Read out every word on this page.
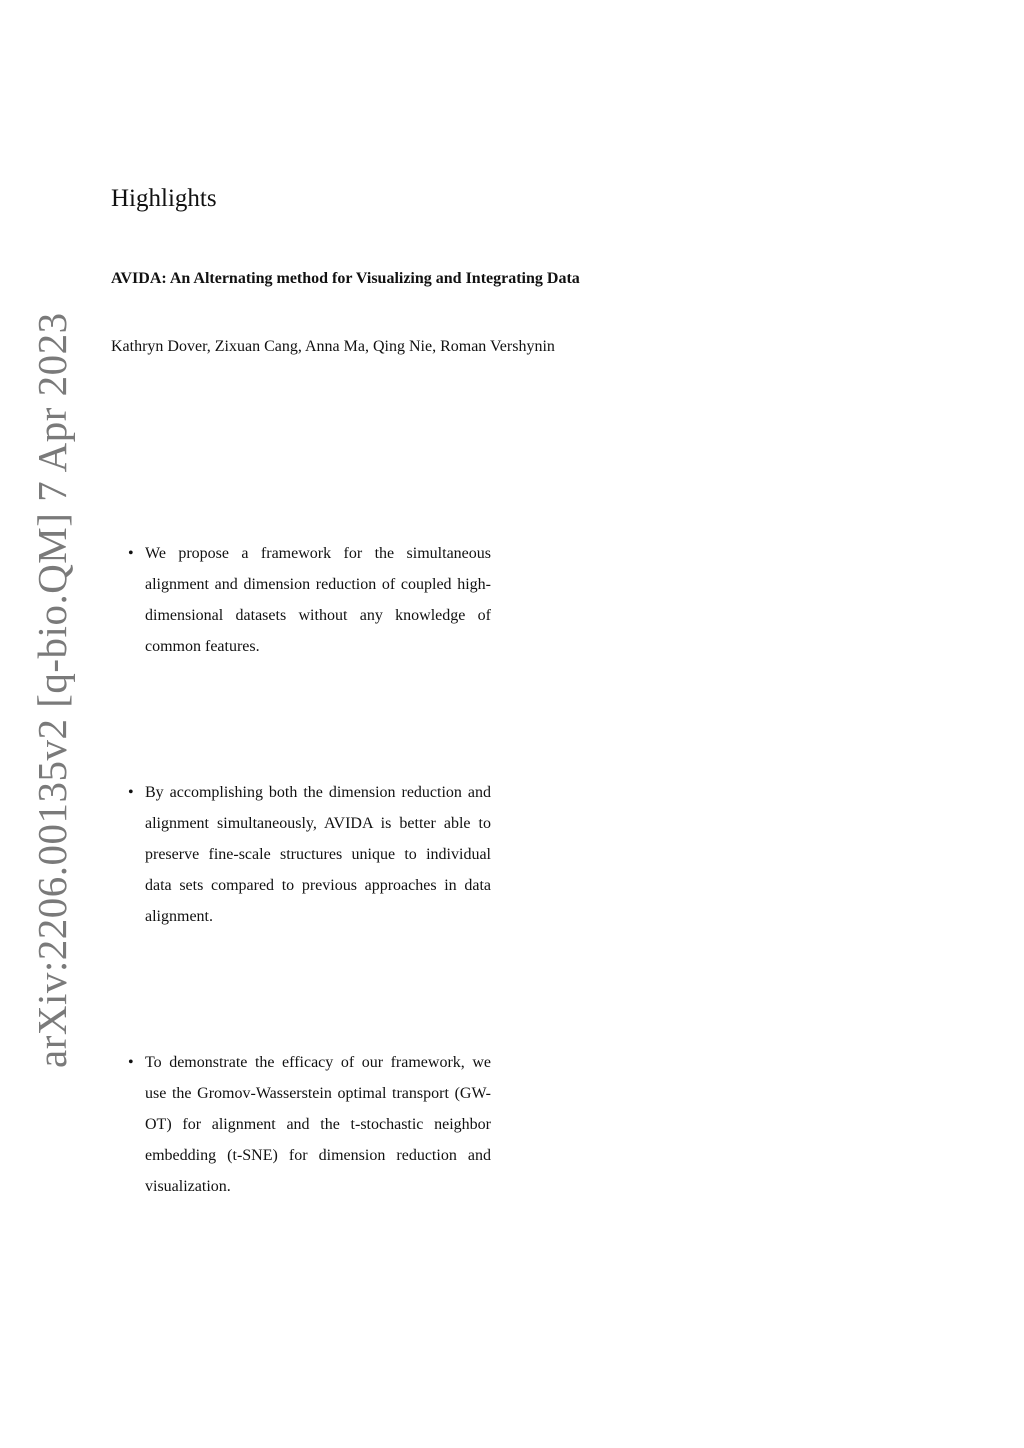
arXiv:2206.00135v2 [q-bio.QM] 7 Apr 2023
Highlights
AVIDA: An Alternating method for Visualizing and Integrating Data
Kathryn Dover, Zixuan Cang, Anna Ma, Qing Nie, Roman Vershynin
• We propose a framework for the simultaneous alignment and dimension reduction of coupled high-dimensional datasets without any knowledge of common features.
• By accomplishing both the dimension reduction and alignment simultaneously, AVIDA is better able to preserve fine-scale structures unique to individual data sets compared to previous approaches in data alignment.
• To demonstrate the efficacy of our framework, we use the Gromov-Wasserstein optimal transport (GW-OT) for alignment and the t-stochastic neighbor embedding (t-SNE) for dimension reduction and visualization.
